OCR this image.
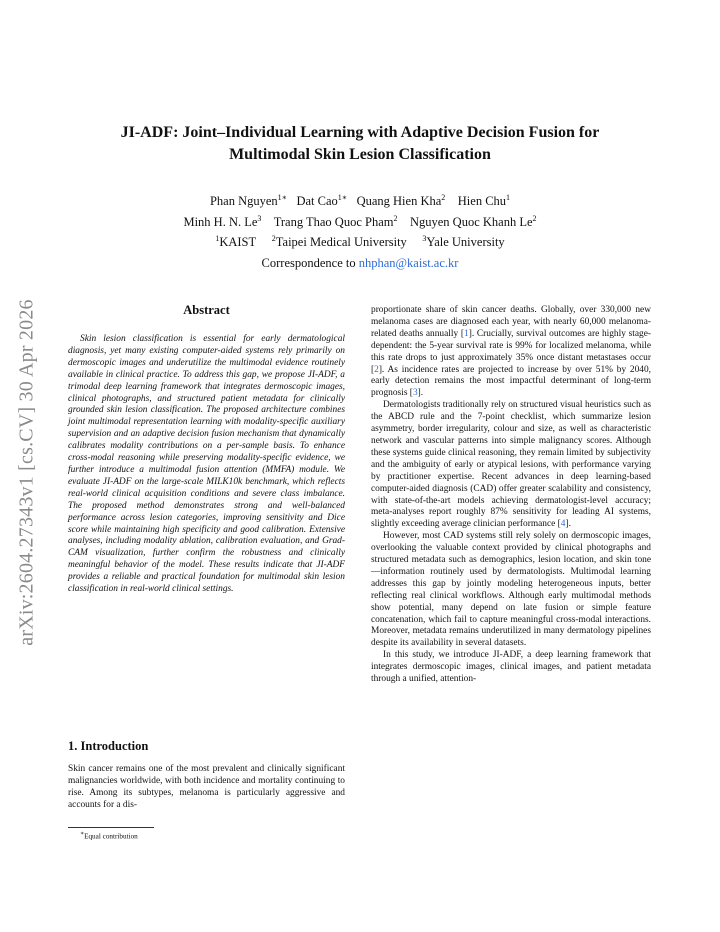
arXiv:2604.27343v1 [cs.CV] 30 Apr 2026
JI-ADF: Joint–Individual Learning with Adaptive Decision Fusion for
Multimodal Skin Lesion Classification
Phan Nguyen$^{1∗}$ Dat Cao$^{1∗}$ Quang Hien Kha$^2$ Hien Chu$^1$
Minh H. N. Le$^3$ Trang Thao Quoc Pham$^2$ Nguyen Quoc Khanh Le$^2$
$^1$KAIST $^2$Taipei Medical University $^3$Yale University
Correspondence to nhphan@kaist.ac.kr
Abstract
Skin lesion classification is essential for early dermatological diagnosis, yet many existing computer-aided systems rely primarily on dermoscopic images and underutilize the multimodal evidence routinely available in clinical practice. To address this gap, we propose JI-ADF, a trimodal deep learning framework that integrates dermoscopic images, clinical photographs, and structured patient metadata for clinically grounded skin lesion classification. The proposed architecture combines joint multimodal representation learning with modality-specific auxiliary supervision and an adaptive decision fusion mechanism that dynamically calibrates modality contributions on a per-sample basis. To enhance cross-modal reasoning while preserving modality-specific evidence, we further introduce a multimodal fusion attention (MMFA) module. We evaluate JI-ADF on the large-scale MILK10k benchmark, which reflects real-world clinical acquisition conditions and severe class imbalance. The proposed method demonstrates strong and well-balanced performance across lesion categories, improving sensitivity and Dice score while maintaining high specificity and good calibration. Extensive analyses, including modality ablation, calibration evaluation, and Grad-CAM visualization, further confirm the robustness and clinically meaningful behavior of the model. These results indicate that JI-ADF provides a reliable and practical foundation for multimodal skin lesion classification in real-world clinical settings.
1. Introduction
Skin cancer remains one of the most prevalent and clinically significant malignancies worldwide, with both incidence and mortality continuing to rise. Among its subtypes, melanoma is particularly aggressive and accounts for a dis-
∗Equal contribution

proportionate share of skin cancer deaths. Globally, over 330,000 new melanoma cases are diagnosed each year, with nearly 60,000 melanoma-related deaths annually [1]. Crucially, survival outcomes are highly stage-dependent: the 5-year survival rate is 99% for localized melanoma, while this rate drops to just approximately 35% once distant metastases occur [2]. As incidence rates are projected to increase by over 51% by 2040, early detection remains the most impactful determinant of long-term prognosis [3].

Dermatologists traditionally rely on structured visual heuristics such as the ABCD rule and the 7-point checklist, which summarize lesion asymmetry, border irregularity, colour and size, as well as characteristic network and vascular patterns into simple malignancy scores. Although these systems guide clinical reasoning, they remain limited by subjectivity and the ambiguity of early or atypical lesions, with performance varying by practitioner expertise. Recent advances in deep learning-based computer-aided diagnosis (CAD) offer greater scalability and consistency, with state-of-the-art models achieving dermatologist-level accuracy; meta-analyses report roughly 87% sensitivity for leading AI systems, slightly exceeding average clinician performance [4].

However, most CAD systems still rely solely on dermoscopic images, overlooking the valuable context provided by clinical photographs and structured metadata such as demographics, lesion location, and skin tone—information routinely used by dermatologists. Multimodal learning addresses this gap by jointly modeling heterogeneous inputs, better reflecting real clinical workflows. Although early multimodal methods show potential, many depend on late fusion or simple feature concatenation, which fail to capture meaningful cross-modal interactions. Moreover, metadata remains underutilized in many dermatology pipelines despite its availability in several datasets.

In this study, we introduce JI-ADF, a deep learning framework that integrates dermoscopic images, clinical images, and patient metadata through a unified, attention-
